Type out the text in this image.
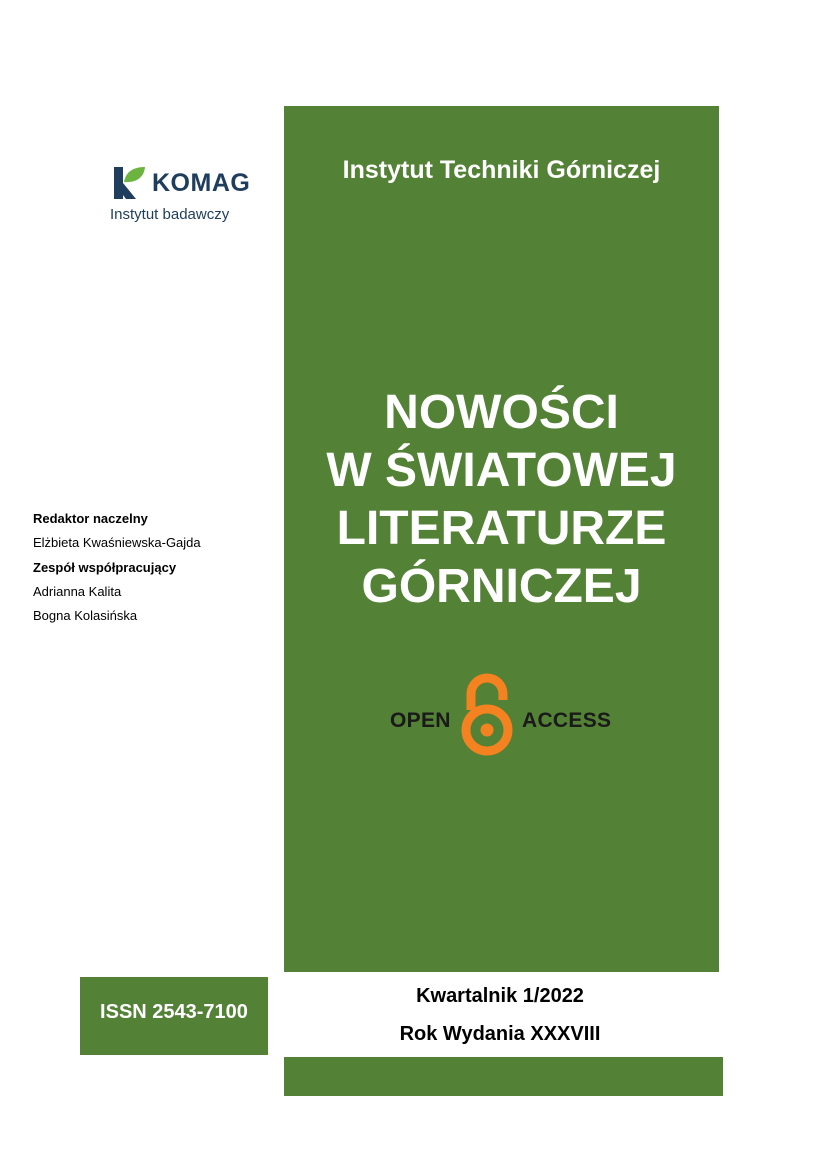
Instytut Techniki Górniczej
NOWOŚCI
W ŚWIATOWEJ
LITERATURZE
GÓRNICZEJ
OPEN	ACCESS
KOMAG
Instytut badawczy
Redaktor naczelny
Elżbieta Kwaśniewska-Gajda
Zespół współpracujący
Adrianna Kalita
Bogna Kolasińska
ISSN 2543-7100
Kwartalnik 1/2022
Rok Wydania XXXVIII
